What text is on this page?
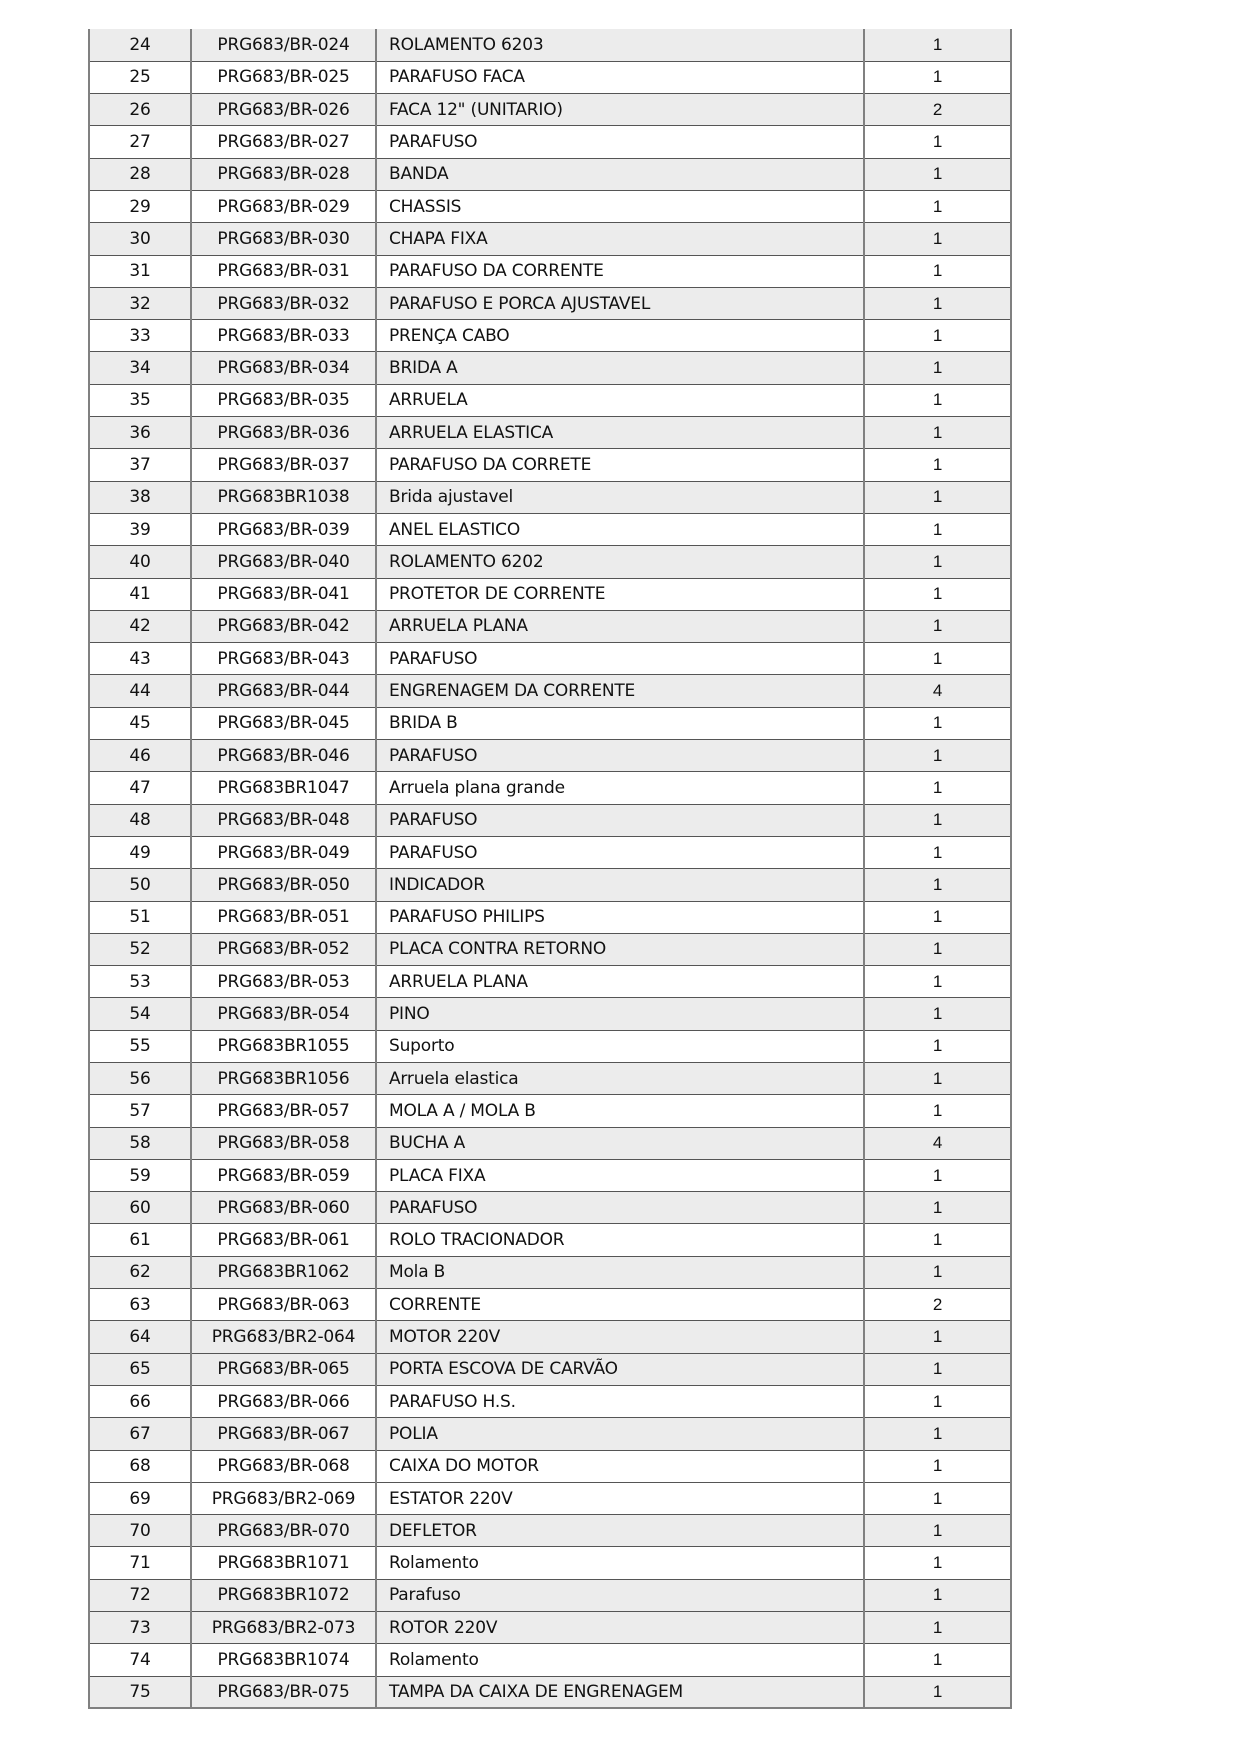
24	PRG683/BR-024	ROLAMENTO 6203	1
25	PRG683/BR-025	PARAFUSO FACA	1
26	PRG683/BR-026	FACA 12" (UNITARIO)	2
27	PRG683/BR-027	PARAFUSO	1
28	PRG683/BR-028	BANDA	1
29	PRG683/BR-029	CHASSIS	1
30	PRG683/BR-030	CHAPA FIXA	1
31	PRG683/BR-031	PARAFUSO DA CORRENTE	1
32	PRG683/BR-032	PARAFUSO E PORCA AJUSTAVEL	1
33	PRG683/BR-033	PRENÇA CABO	1
34	PRG683/BR-034	BRIDA A	1
35	PRG683/BR-035	ARRUELA	1
36	PRG683/BR-036	ARRUELA ELASTICA	1
37	PRG683/BR-037	PARAFUSO DA CORRETE	1
38	PRG683BR1038	Brida ajustavel	1
39	PRG683/BR-039	ANEL ELASTICO	1
40	PRG683/BR-040	ROLAMENTO 6202	1
41	PRG683/BR-041	PROTETOR DE CORRENTE	1
42	PRG683/BR-042	ARRUELA PLANA	1
43	PRG683/BR-043	PARAFUSO	1
44	PRG683/BR-044	ENGRENAGEM DA CORRENTE	4
45	PRG683/BR-045	BRIDA B	1
46	PRG683/BR-046	PARAFUSO	1
47	PRG683BR1047	Arruela plana grande	1
48	PRG683/BR-048	PARAFUSO	1
49	PRG683/BR-049	PARAFUSO	1
50	PRG683/BR-050	INDICADOR	1
51	PRG683/BR-051	PARAFUSO PHILIPS	1
52	PRG683/BR-052	PLACA CONTRA RETORNO	1
53	PRG683/BR-053	ARRUELA PLANA	1
54	PRG683/BR-054	PINO	1
55	PRG683BR1055	Suporto	1
56	PRG683BR1056	Arruela elastica	1
57	PRG683/BR-057	MOLA A / MOLA B	1
58	PRG683/BR-058	BUCHA A	4
59	PRG683/BR-059	PLACA FIXA	1
60	PRG683/BR-060	PARAFUSO	1
61	PRG683/BR-061	ROLO TRACIONADOR	1
62	PRG683BR1062	Mola B	1
63	PRG683/BR-063	CORRENTE	2
64	PRG683/BR2-064	MOTOR 220V	1
65	PRG683/BR-065	PORTA ESCOVA DE CARVÃO	1
66	PRG683/BR-066	PARAFUSO H.S.	1
67	PRG683/BR-067	POLIA	1
68	PRG683/BR-068	CAIXA DO MOTOR	1
69	PRG683/BR2-069	ESTATOR 220V	1
70	PRG683/BR-070	DEFLETOR	1
71	PRG683BR1071	Rolamento	1
72	PRG683BR1072	Parafuso	1
73	PRG683/BR2-073	ROTOR 220V	1
74	PRG683BR1074	Rolamento	1
75	PRG683/BR-075	TAMPA DA CAIXA DE ENGRENAGEM	1
